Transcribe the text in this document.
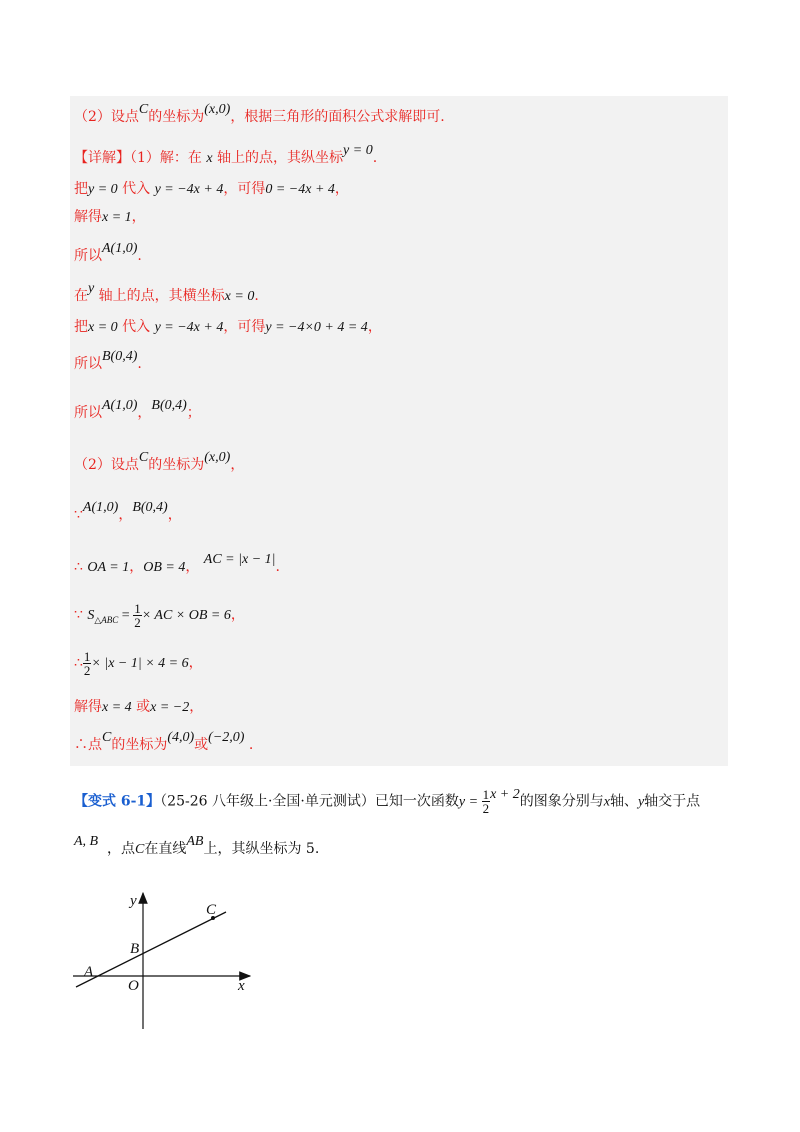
（2）设点C的坐标为(x,0)，根据三角形的面积公式求解即可.
【详解】（1）解：在 x 轴上的点，其纵坐标y = 0.
把y = 0 代入 y = −4x + 4，可得0 = −4x + 4，
解得x = 1，
所以A(1,0).
在y 轴上的点，其横坐标x = 0.
把x = 0 代入 y = −4x + 4，可得y = −4×0 + 4 = 4，
所以B(0,4).
所以A(1,0)，B(0,4)；
（2）设点C的坐标为(x,0)，
∵A(1,0)，B(0,4)，
∴ OA = 1，OB = 4， AC = |x − 1|.
∵ $S_{\triangle ABC} = \frac{1}{2}$ × AC × OB = 6，
∴ $\frac{1}{2} \times |x - 1| \times 4 = 6$，
解得x = 4 或x = −2，
∴点C的坐标为(4,0)或(−2,0) .
【变式 6-1】（25-26 八年级上·全国·单元测试）已知一次函数$y = \frac{1}{2}$ x + 2的图象分别与x轴、y轴交于点
A, B ，点C在直线AB上，其纵坐标为 5.
y
x
O
A
B
C
